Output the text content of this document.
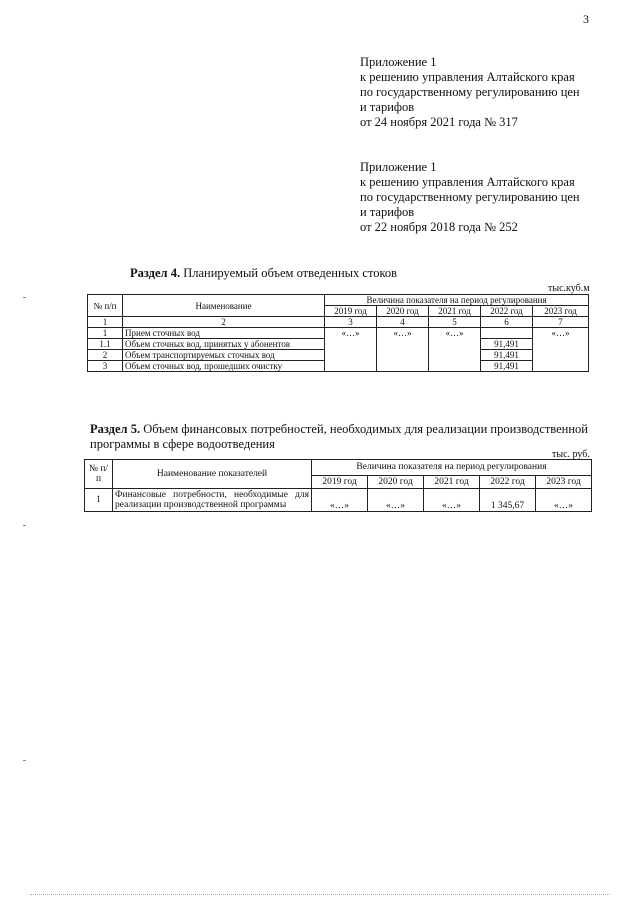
3
Приложение 1
к решению управления Алтайского края
по государственному регулированию цен
и тарифов
от 24 ноября 2021 года № 317
Приложение 1
к решению управления Алтайского края
по государственному регулированию цен
и тарифов
от 22 ноября 2018 года № 252
Раздел 4. Планируемый объем отведенных стоков
тыс.куб.м
№ п/п	Наименование	Величина показателя на период регулирования				
		2019 год	2020 год	2021 год	2022 год	2023 год
1	2	3	4	5	6	7
1	Прием сточных вод	«…»	«…»	«…»		«…»
1.1	Объем сточных вод, принятых у абонентов				91,491	
2	Объем транспортируемых сточных вод				91,491	
3	Объем сточных вод, прошедших очистку				91,491	
Раздел 5. Объем финансовых потребностей, необходимых для реализации производственной программы в сфере водоотведения
тыс. руб.
№ п/п	Наименование показателей	Величина показателя на период регулирования				
		2019 год	2020 год	2021 год	2022 год	2023 год
1	Финансовые потребности, необходимые для реализации производственной программы	«…»	«…»	«…»	1 345,67	«…»
